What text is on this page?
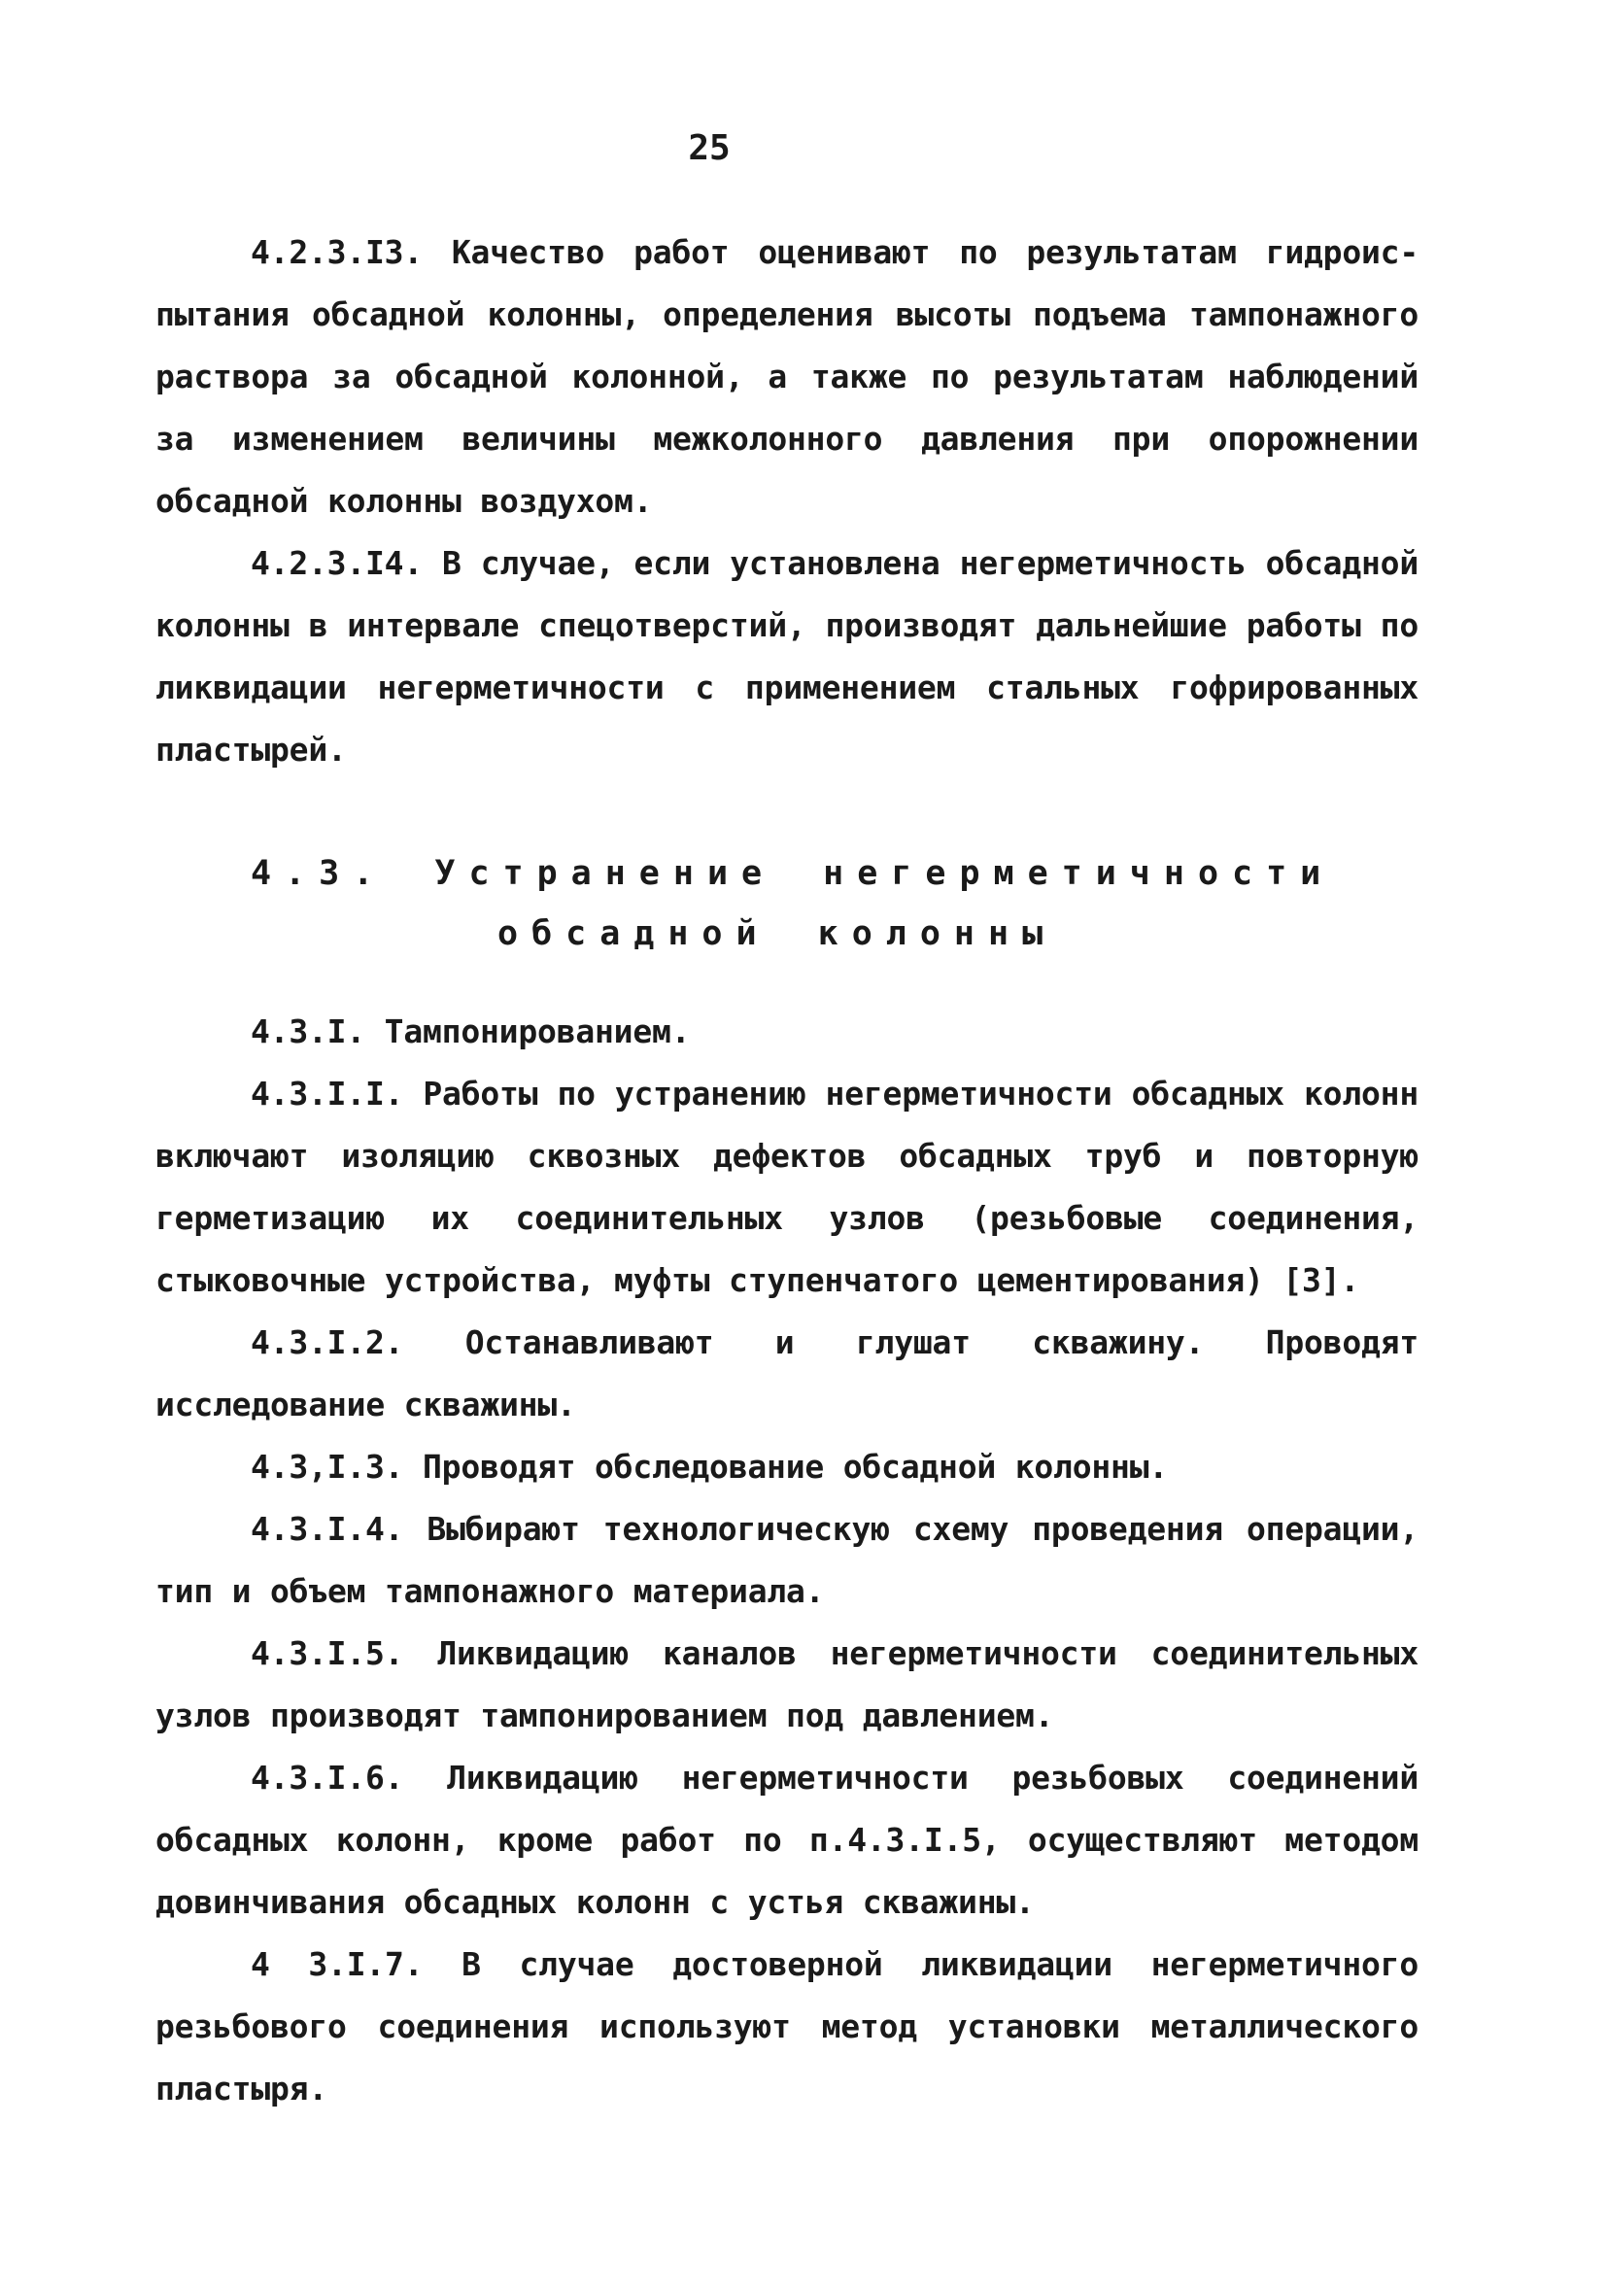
25

4.2.3.I3. Качество работ оценивают по результатам гидроис-пытания обсадной колонны, определения высоты подъема тампонажного раствора за обсадной колонной, а также по результатам наблюдений за изменением величины межколонного давления при опорожнении обсадной колонны воздухом.

4.2.3.I4. В случае, если установлена негерметичность обсадной колонны в интервале спецотверстий, производят дальнейшие работы по ликвидации негерметичности с применением стальных гофрированных пластырей.

4.3. Устранение негерметичности
обсадной колонны

4.3.I. Тампонированием.

4.3.I.I. Работы по устранению негерметичности обсадных колонн включают изоляцию сквозных дефектов обсадных труб и повторную герметизацию их соединительных узлов (резьбовые соединения, стыковочные устройства, муфты ступенчатого цементирования) [3].

4.3.I.2. Останавливают и глушат скважину. Проводят исследование скважины.

4.3,I.3. Проводят обследование обсадной колонны.

4.3.I.4. Выбирают технологическую схему проведения операции, тип и объем тампонажного материала.

4.3.I.5. Ликвидацию каналов негерметичности соединительных узлов производят тампонированием под давлением.

4.3.I.6. Ликвидацию негерметичности резьбовых соединений обсадных колонн, кроме работ по п.4.3.I.5, осуществляют методом довинчивания обсадных колонн с устья скважины.

4 3.I.7. В случае достоверной ликвидации негерметичного резьбового соединения используют метод установки металлического пластыря.
